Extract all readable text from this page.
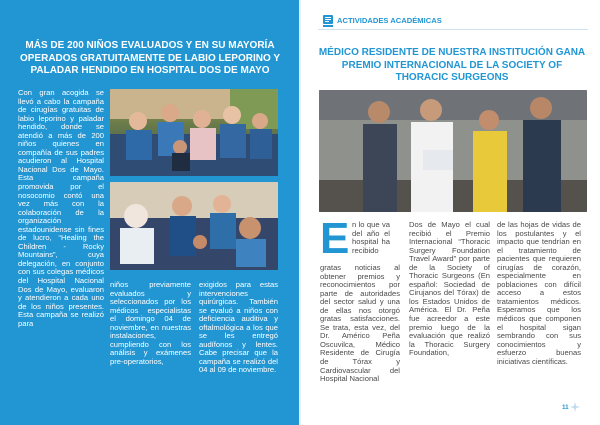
MÁS DE 200 NIÑOS EVALUADOS Y EN SU MAYORÍA OPERADOS GRATUITAMENTE DE LABIO LEPORINO Y PALADAR HENDIDO EN HOSPITAL DOS DE MAYO

Con gran acogida se llevó a cabo la campaña de cirugías gratuitas de labio leporino y paladar hendido, donde se atendió a más de 200 niños quienes en compañía de sus padres acudieron al Hospital Nacional Dos de Mayo. Esta campaña promovida por el nosocomio contó una vez más con la colaboración de la organización estadounidense sin fines de lucro, “Healing the Children - Rocky Mountains”, cuya delegación, en conjunto con sus colegas médicos del Hospital Nacional Dos de Mayo, evaluaron y atendieron a cada uno de los niños presentes. Esta campaña se realizó para

niños previamente evaluados y seleccionados por los médicos especialistas el domingo 04 de noviembre, en nuestras instalaciones, cumpliendo con los análisis y exámenes pre-operatorios,

exigidos para estas intervenciones quirúrgicas. También se evaluó a niños con deficiencia auditiva y oftalmológica a los que se les entregó audífonos y lentes. Cabe precisar que la campaña se realizó del 04 al 09 de noviembre.

ACTIVIDADES ACADÉMICAS
MÉDICO RESIDENTE DE NUESTRA INSTITUCIÓN GANA PREMIO INTERNACIONAL DE LA SOCIETY OF THORACIC SURGEONS
E n lo que va del año el hospital ha recibido

gratas noticias al obtener premios y reconocimientos por parte de autoridades del sector salud y una de ellas nos otorgó gratas satisfacciones. Se trata, esta vez, del Dr. Américo Peña Oscuvilca, Médico Residente de Cirugía de Tórax y Cardiovascular del Hospital Nacional

Dos de Mayo el cual recibió el Premio Internacional “Thoracic Surgery Foundation Travel Award” por parte de la Society of Thoracic Surgeons (En español: Sociedad de Cirujanos del Tórax) de los Estados Unidos de América. El Dr. Peña fue acreedor a este premio luego de la evaluación que realizó la Thoracic Surgery Foundation,

de las hojas de vidas de los postulantes y el impacto que tendrían en el tratamiento de pacientes que requieren cirugías de corazón, especialmente en poblaciones con difícil acceso a estos tratamientos médicos. Esperamos que los médicos que componen el hospital sigan sembrando con sus conocimientos y esfuerzo buenas iniciativas científicas.

11
